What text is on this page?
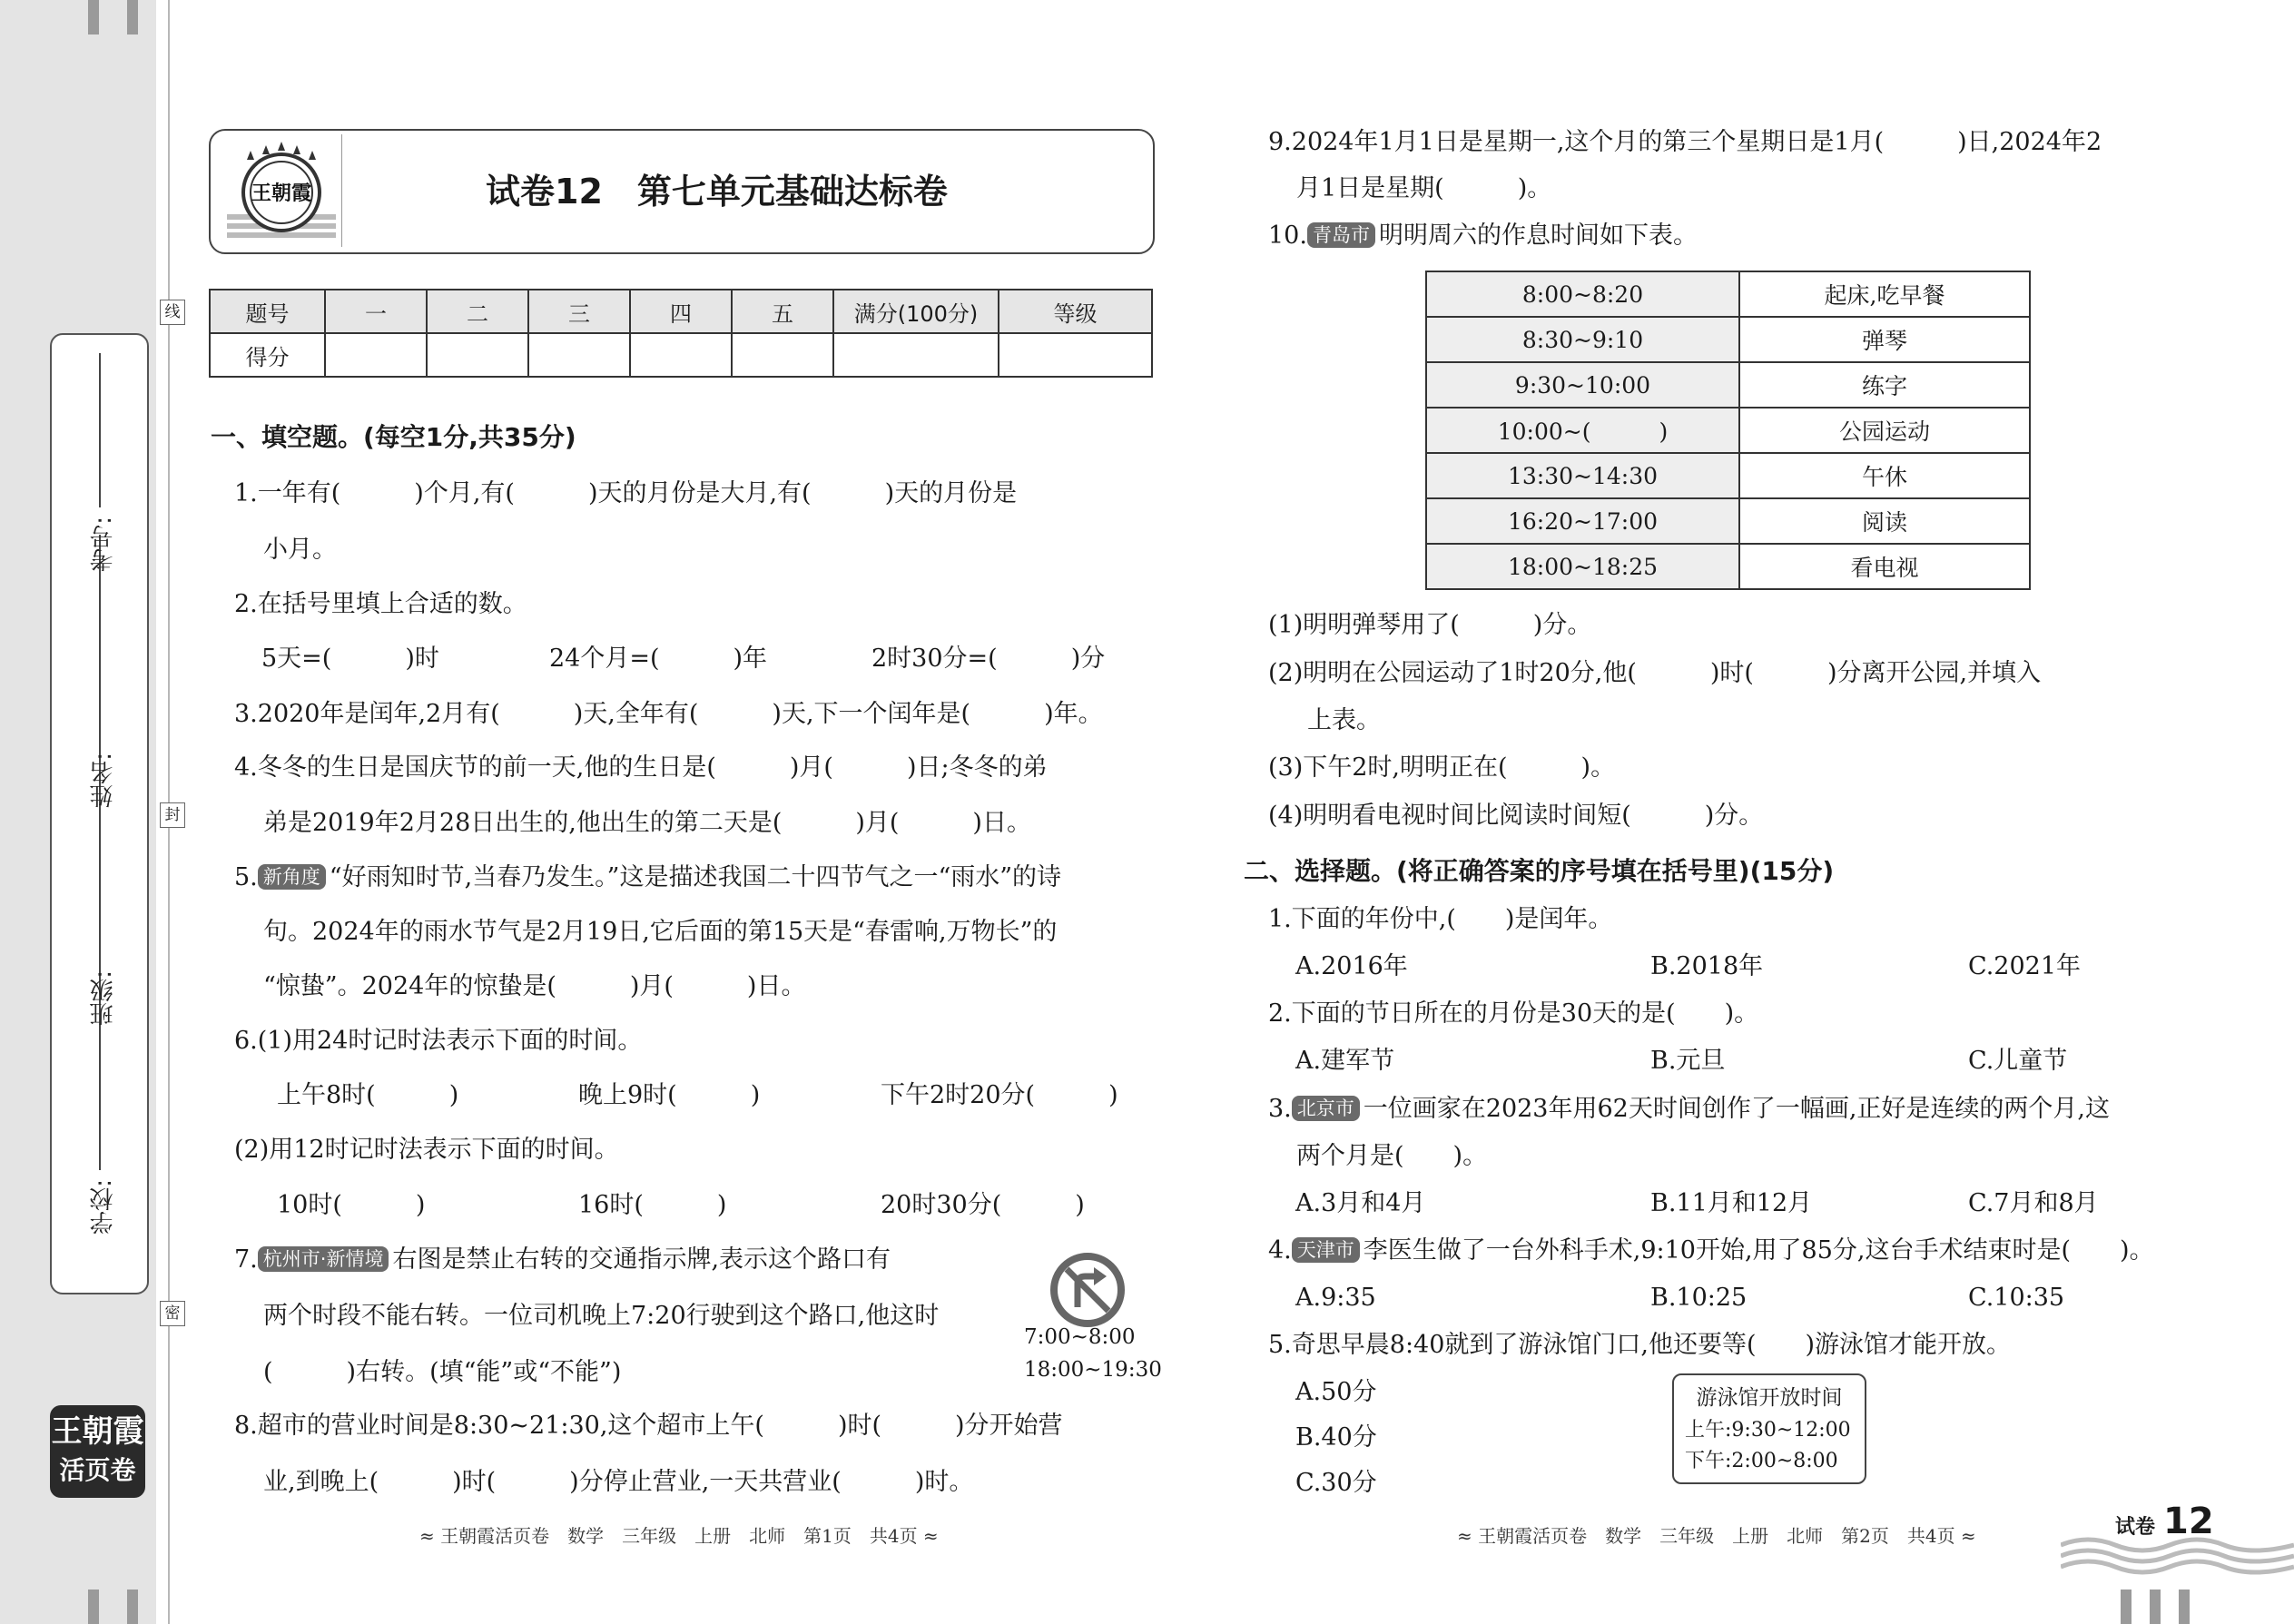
学校:
班级:
姓名:
考号:
线
封
密
王朝霞
活页卷
王朝霞	试卷12　第七单元基础达标卷
题号	一	二	三	四	五	满分(100分)	等级
得分							
一、填空题。(每空1分,共35分)
1.一年有(　　　)个月,有(　　　)天的月份是大月,有(　　　)天的月份是
小月。
2.在括号里填上合适的数。
5天=(　　　)时	24个月=(　　　)年	2时30分=(　　　)分
3.2020年是闰年,2月有(　　　)天,全年有(　　　)天,下一个闰年是(　　　)年。
4.冬冬的生日是国庆节的前一天,他的生日是(　　　)月(　　　)日;冬冬的弟
弟是2019年2月28日出生的,他出生的第二天是(　　　)月(　　　)日。
5. 新角度 “好雨知时节,当春乃发生。”这是描述我国二十四节气之一“雨水”的诗
句。2024年的雨水节气是2月19日,它后面的第15天是“春雷响,万物长”的
“惊蛰”。2024年的惊蛰是(　　　)月(　　　)日。
6.(1)用24时记时法表示下面的时间。
上午8时(　　　)	晚上9时(　　　)	下午2时20分(　　　)
(2)用12时记时法表示下面的时间。
10时(　　　)	16时(　　　)	20时30分(　　　)
7. 杭州市·新情境 右图是禁止右转的交通指示牌,表示这个路口有
两个时段不能右转。一位司机晚上7:20行驶到这个路口,他这时
(　　　)右转。(填“能”或“不能”)
7:00~8:00
18:00~19:30
8.超市的营业时间是8:30~21:30,这个超市上午(　　　)时(　　　)分开始营
业,到晚上(　　　)时(　　　)分停止营业,一天共营业(　　　)时。
≈ 王朝霞活页卷　数学　三年级　上册　北师　第1页　共4页 ≈
9.2024年1月1日是星期一,这个月的第三个星期日是1月(　　　)日,2024年2
月1日是星期(　　　)。
10. 青岛市 明明周六的作息时间如下表。
8:00~8:20	起床,吃早餐
8:30~9:10	弹琴
9:30~10:00	练字
10:00~(　　　)	公园运动
13:30~14:30	午休
16:20~17:00	阅读
18:00~18:25	看电视
(1)明明弹琴用了(　　　)分。
(2)明明在公园运动了1时20分,他(　　　)时(　　　)分离开公园,并填入
上表。
(3)下午2时,明明正在(　　　)。
(4)明明看电视时间比阅读时间短(　　　)分。
二、选择题。(将正确答案的序号填在括号里)(15分)
1.下面的年份中,(　　)是闰年。
A.2016年	B.2018年	C.2021年
2.下面的节日所在的月份是30天的是(　　)。
A.建军节	B.元旦	C.儿童节
3. 北京市 一位画家在2023年用62天时间创作了一幅画,正好是连续的两个月,这
两个月是(　　)。
A.3月和4月	B.11月和12月	C.7月和8月
4. 天津市 李医生做了一台外科手术,9:10开始,用了85分,这台手术结束时是(　　)。
A.9:35	B.10:25	C.10:35
5.奇思早晨8:40就到了游泳馆门口,他还要等(　　)游泳馆才能开放。
A.50分
B.40分
C.30分
游泳馆开放时间
上午:9:30~12:00
下午:2:00~8:00
≈ 王朝霞活页卷　数学　三年级　上册　北师　第2页　共4页 ≈	试卷 12
